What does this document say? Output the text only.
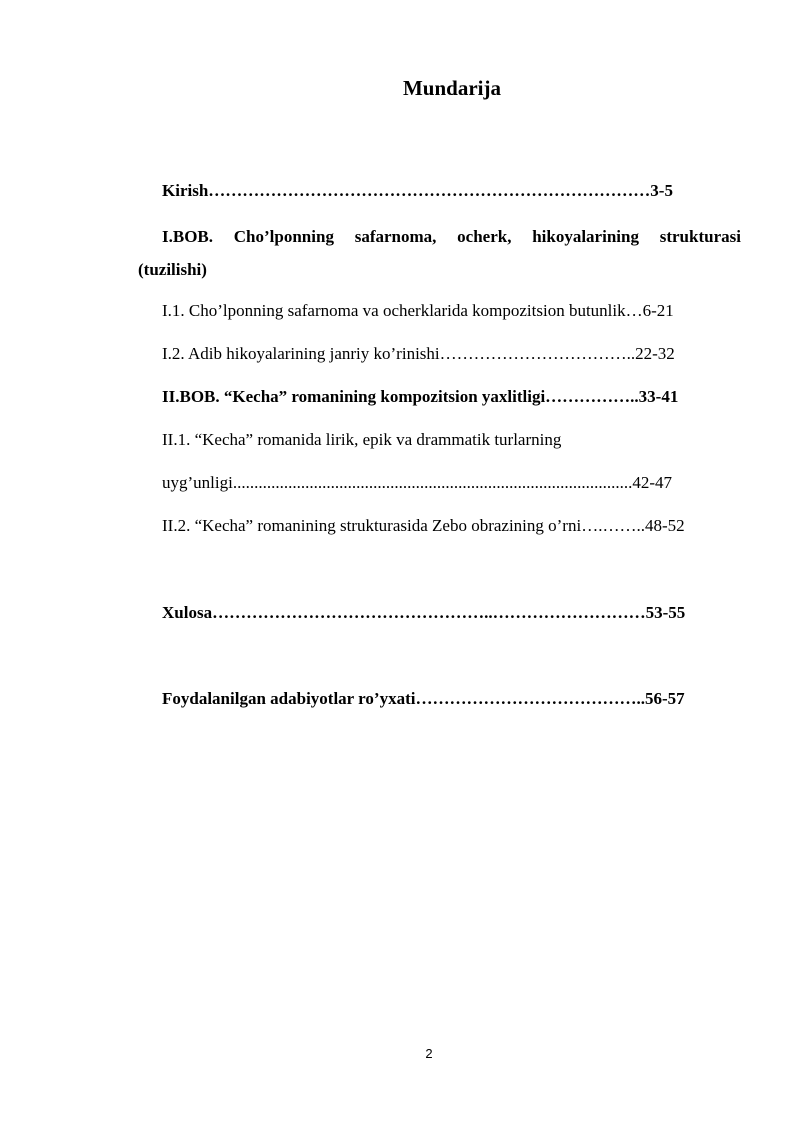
Mundarija
Kirish……………………………………………………………………3-5
I.BOB. Cho’lponning safarnoma, ocherk, hikoyalarining strukturasi
(tuzilishi)
I.1. Cho’lponning safarnoma va ocherklarida kompozitsion butunlik…6-21
I.2. Adib hikoyalarining janriy ko’rinishi……………………………..22-32
II.BOB. “Kecha” romanining kompozitsion yaxlitligi……………..33-41
II.1. “Kecha” romanida lirik, epik va drammatik turlarning
uyg’unligi..............................................................................................42-47
II.2. “Kecha” romanining strukturasida Zebo obrazining o’rni….……..48-52
Xulosa…………………………………………..………………………53-55
Foydalanilgan adabiyotlar ro’yxati…………………………………..56-57
2
